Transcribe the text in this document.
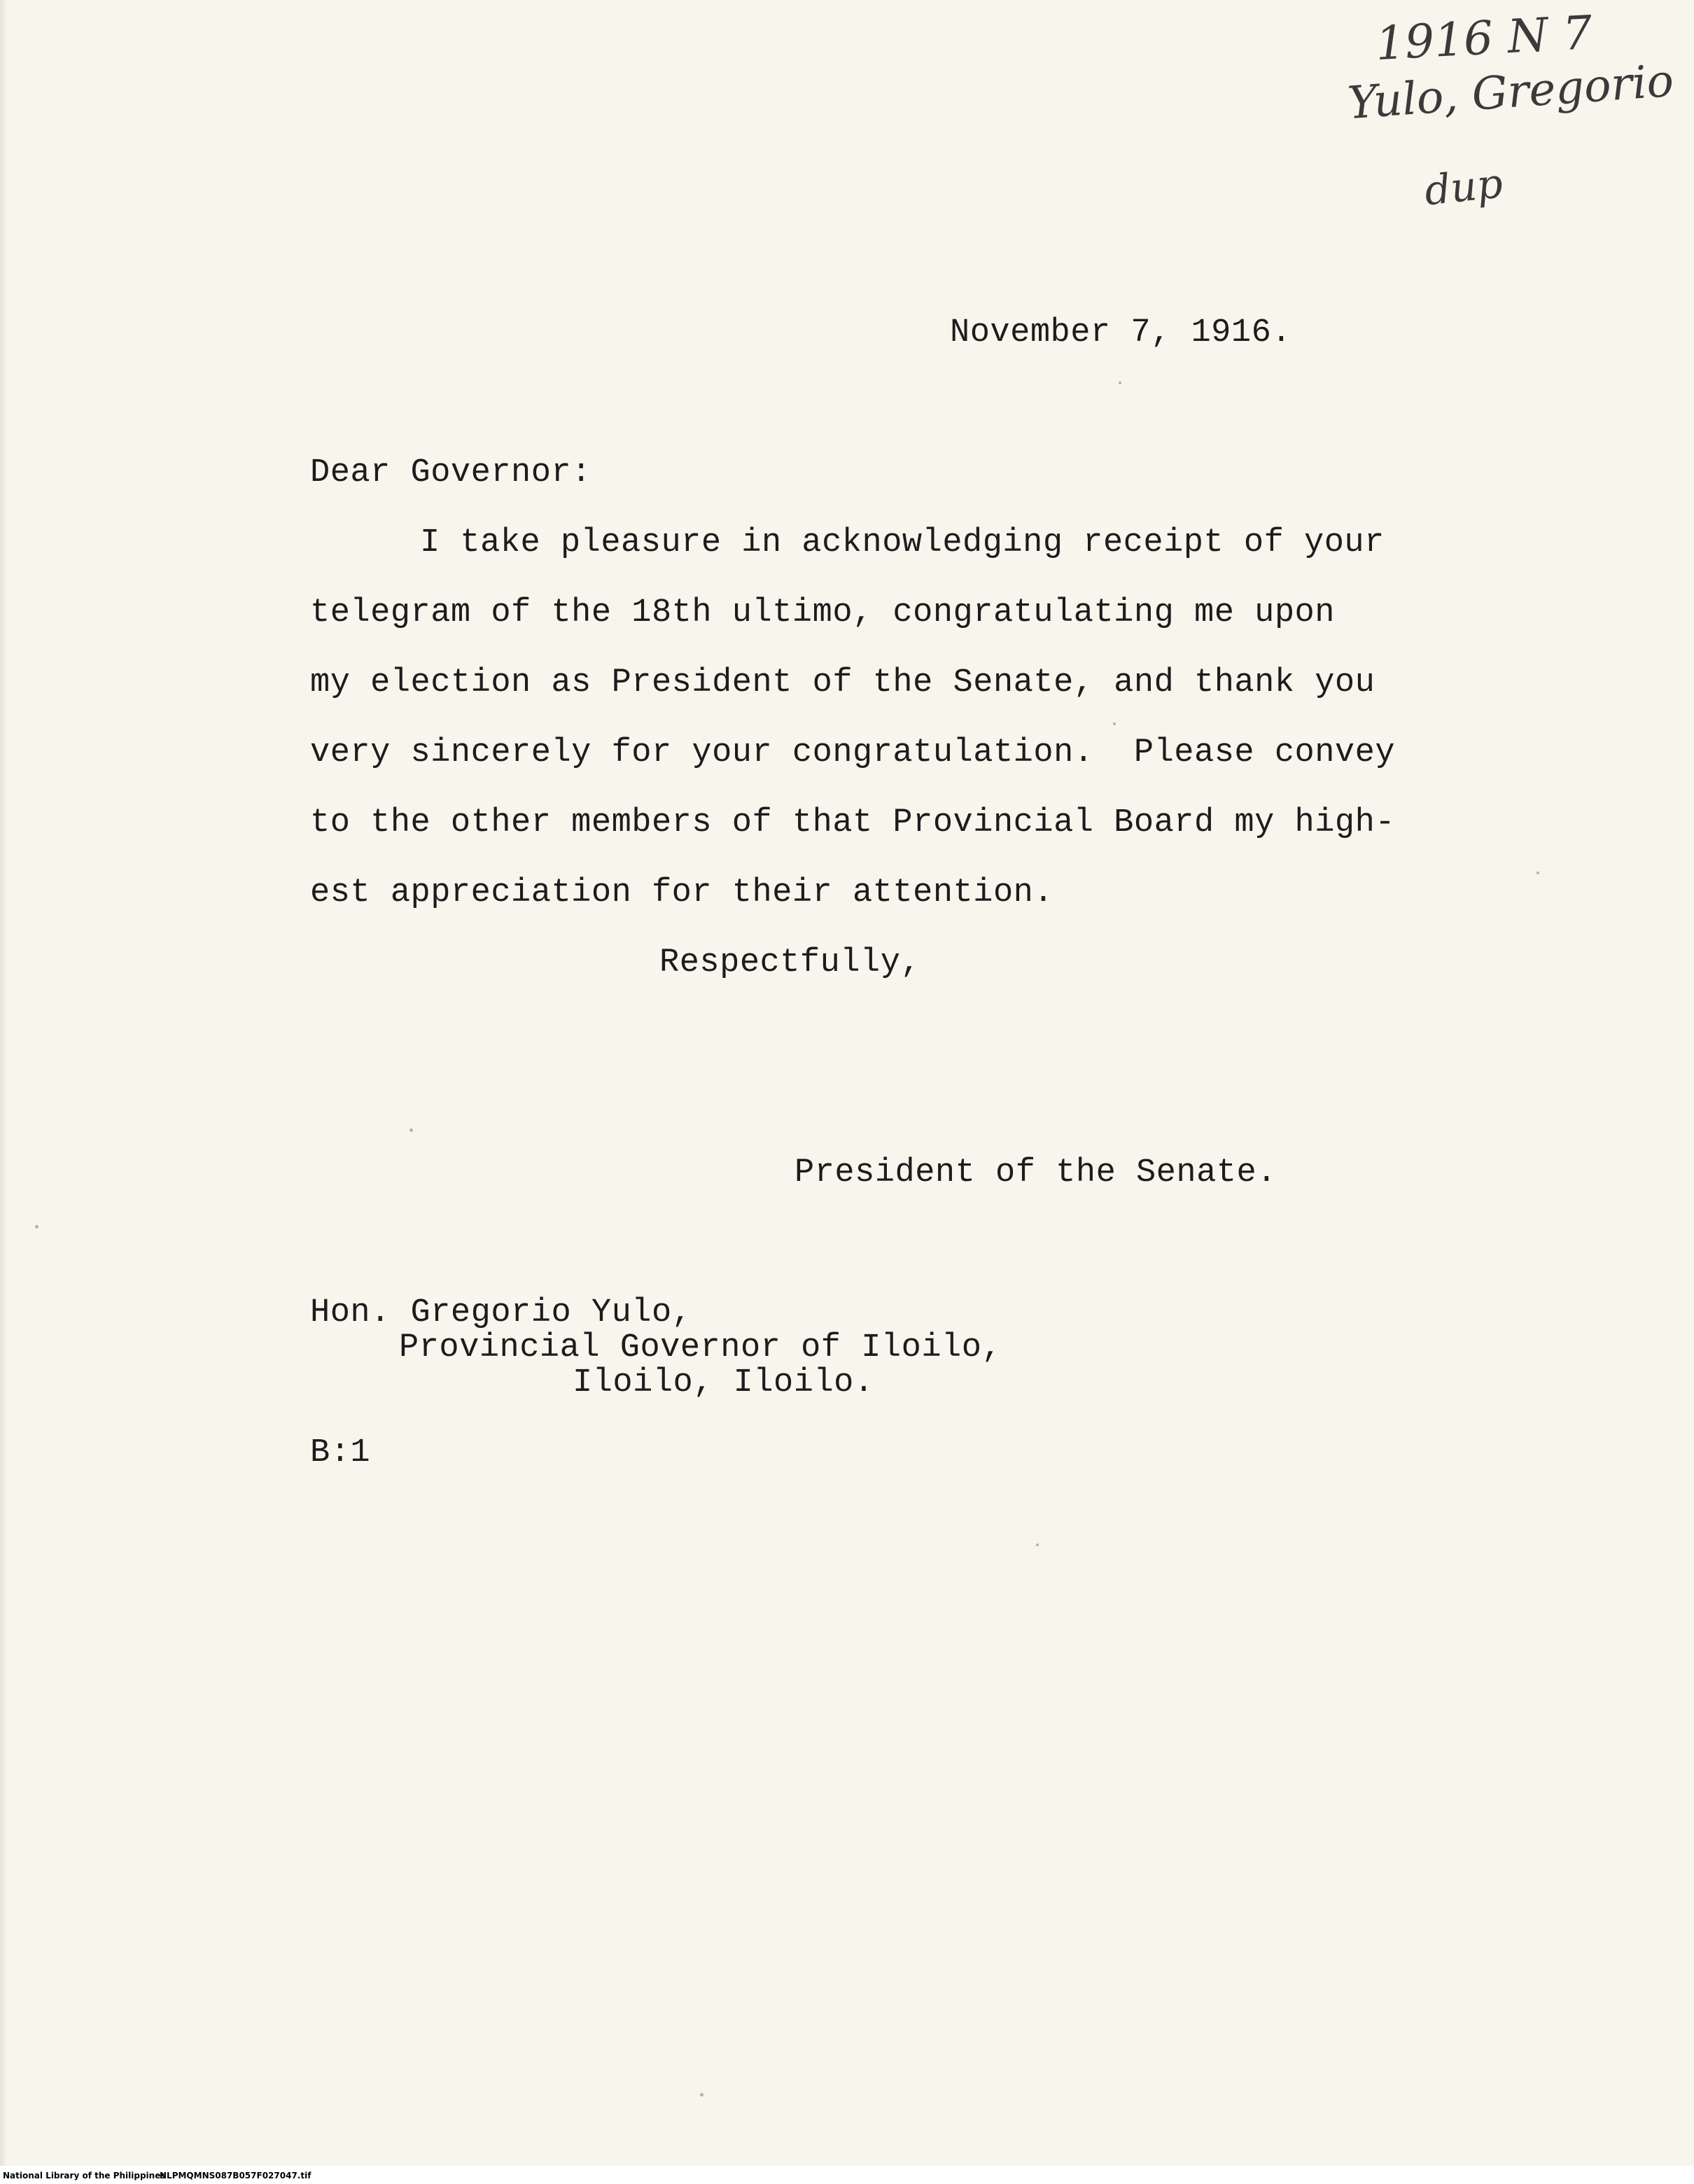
1916 N 7
Yulo, Gregorio
dup
November 7, 1916.
Dear Governor:
I take pleasure in acknowledging receipt of your
telegram of the 18th ultimo, congratulating me upon
my election as President of the Senate, and thank you
very sincerely for your congratulation.  Please convey
to the other members of that Provincial Board my high-
est appreciation for their attention.
Respectfully,
President of the Senate.
Hon. Gregorio Yulo,
Provincial Governor of Iloilo,
Iloilo, Iloilo.
B:1
National Library of the Philippines
NLPMQMNS087B057F027047.tif
